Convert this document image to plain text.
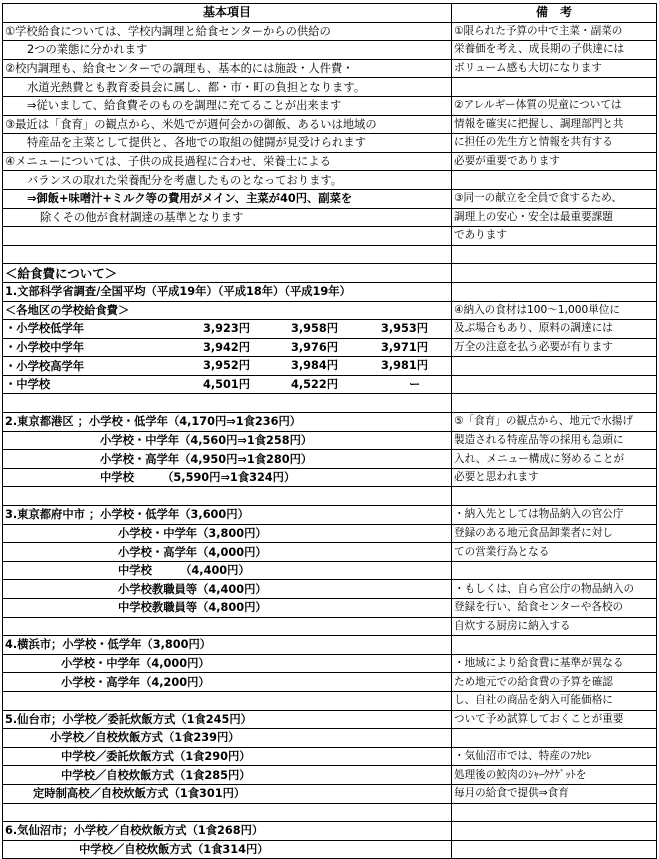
基本項目	備　考
①学校給食については、学校内調理と給食センターからの供給の	①限られた予算の中で主菜・副菜の
2つの業態に分かれます	栄養価を考え、成長期の子供達には
②校内調理も、給食センターでの調理も、基本的には施設・人件費・	ボリューム感も大切になります
水道光熱費とも教育委員会に属し、都・市・町の負担となります。	
⇒従いまして、給食費そのものを調理に充てることが出来ます	②アレルギー体質の児童については
③最近は「食育」の観点から、米処でが週何会かの御飯、あるいは地域の	情報を確実に把握し、調理部門と共
特産品を主菜として提供と、各地での取組の健闘が見受けられます	に担任の先生方と情報を共有する
④メニューについては、子供の成長過程に合わせ、栄養士による	必要が重要であります
バランスの取れた栄養配分を考慮したものとなっております。	
⇒御飯+味噌汁+ミルク等の費用がメイン、主菜が40円、副菜を	③同一の献立を全員で食するため、
除くその他が食材調達の基準となります	調理上の安心・安全は最重要課題
	であります

＜給食費について＞	
1.文部科学省調査/全国平均（平成19年）（平成18年）（平成19年）	
＜各地区の学校給食費＞	④納入の食材は100～1,000単位に
・小学校低学年 3,923円 3,958円 3,953円	及ぶ場合もあり、原料の調達には
・小学校中学年 3,942円 3,976円 3,971円	万全の注意を払う必要が有ります
・小学校高学年 3,952円 3,984円 3,981円	

・中学校 4,501円 4,522円 ー	

2.東京都港区 ；小学校・低学年（4,170円⇒1食236円）	⑤「食育」の観点から、地元で水揚げ
小学校・中学年（4,560円⇒1食258円）	製造される特産品等の採用も急頭に
小学校・高学年（4,950円⇒1食280円）	入れ、メニュー構成に努めることが
中学校　　　（5,590円⇒1食324円）	必要と思われます

3.東京都府中市 ；小学校・低学年（3,600円）	・納入先としては物品納入の官公庁
小学校・中学年（3,800円）	登録のある地元食品卸業者に対し
小学校・高学年（4,000円）	ての営業行為となる
中学校　　　（4,400円）	
小学校教職員等（4,400円）	・もしくは、自ら官公庁の物品納入の
中学校教職員等（4,800円）	登録を行い、給食センターや各校の
	自炊する厨房に納入する
4.横浜市；小学校・低学年（3,800円）	
小学校・中学年（4,000円）	・地域により給食費に基準が異なる
小学校・高学年（4,200円）	ため地元での給食費の予算を確認
	し、自社の商品を納入可能価格に
5.仙台市；小学校／委託炊飯方式（1食245円）	ついて予め試算しておくことが重要
小学校／自校炊飯方式（1食239円）	
中学校／委託炊飯方式（1食290円）	・気仙沼市では、特産のﾌｶﾋﾚ
中学校／自校炊飯方式（1食285円）	処理後の鮫肉のｼｬｰｸﾅｹﾞｯﾄを
定時制高校／自校炊飯方式（1食301円）	毎月の給食で提供⇒食育

6.気仙沼市；小学校／自校炊飯方式（1食268円）	
中学校／自校炊飯方式（1食314円）	
